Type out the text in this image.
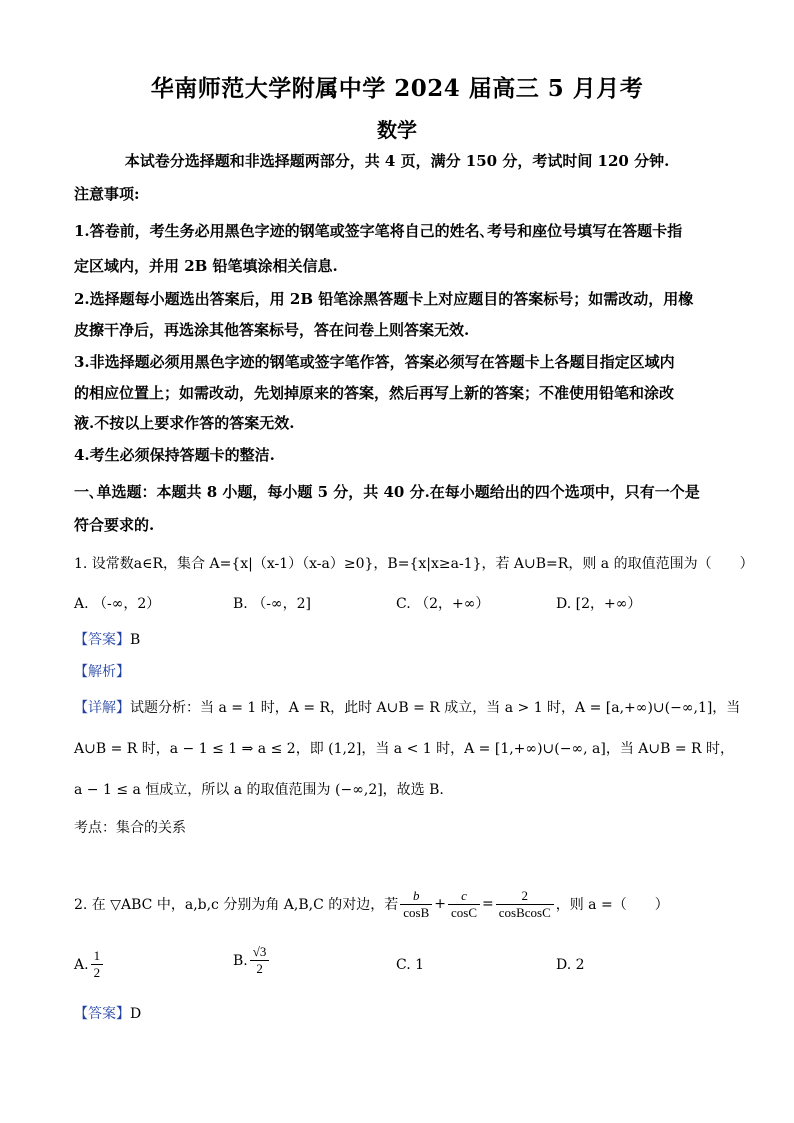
华南师范大学附属中学 2024 届高三 5 月月考
数学
本试卷分选择题和非选择题两部分，共 4 页，满分 150 分，考试时间 120 分钟.
注意事项:
1.答卷前，考生务必用黑色字迹的钢笔或签字笔将自己的姓名､考号和座位号填写在答题卡指
定区域内，并用 2B 铅笔填涂相关信息.
2.选择题每小题选出答案后，用 2B 铅笔涂黑答题卡上对应题目的答案标号；如需改动，用橡
皮擦干净后，再选涂其他答案标号，答在问卷上则答案无效.
3.非选择题必须用黑色字迹的钢笔或签字笔作答，答案必须写在答题卡上各题目指定区域内
的相应位置上；如需改动，先划掉原来的答案，然后再写上新的答案；不准使用铅笔和涂改
液.不按以上要求作答的答案无效.
4.考生必须保持答题卡的整洁.
一､单选题：本题共 8 小题，每小题 5 分，共 40 分.在每小题给出的四个选项中，只有一个是
符合要求的.
1. 设常数a∈R，集合 A={x|（x-1）（x-a）≥0}，B={x|x≥a-1}，若 A∪B=R，则 a 的取值范围为（　　）
A. （-∞，2）	B. （-∞，2]	C. （2，+∞）	D. [2，+∞）
【答案】B
【解析】
【详解】试题分析：当 a = 1 时，A = R，此时 A∪B = R 成立，当 a > 1 时，A = [a,+∞)∪(−∞,1]，当
A∪B = R 时，a − 1 ≤ 1 ⇒ a ≤ 2，即 (1,2]，当 a < 1 时，A = [1,+∞)∪(−∞, a]，当 A∪B = R 时，
a − 1 ≤ a 恒成立，所以 a 的取值范围为 (−∞,2]，故选 B.
考点：集合的关系
2. 在 ▽ABC 中，a,b,c 分别为角 A,B,C 的对边，若 $\frac{b}{\cos B} + \frac{c}{\cos C} = \frac{2}{\text{cosBcosC}}$ ，则 a =（　　）
A. $\frac{1}{2}$	B. $\frac{√3}{2}$	C. 1	D. 2
【答案】D
